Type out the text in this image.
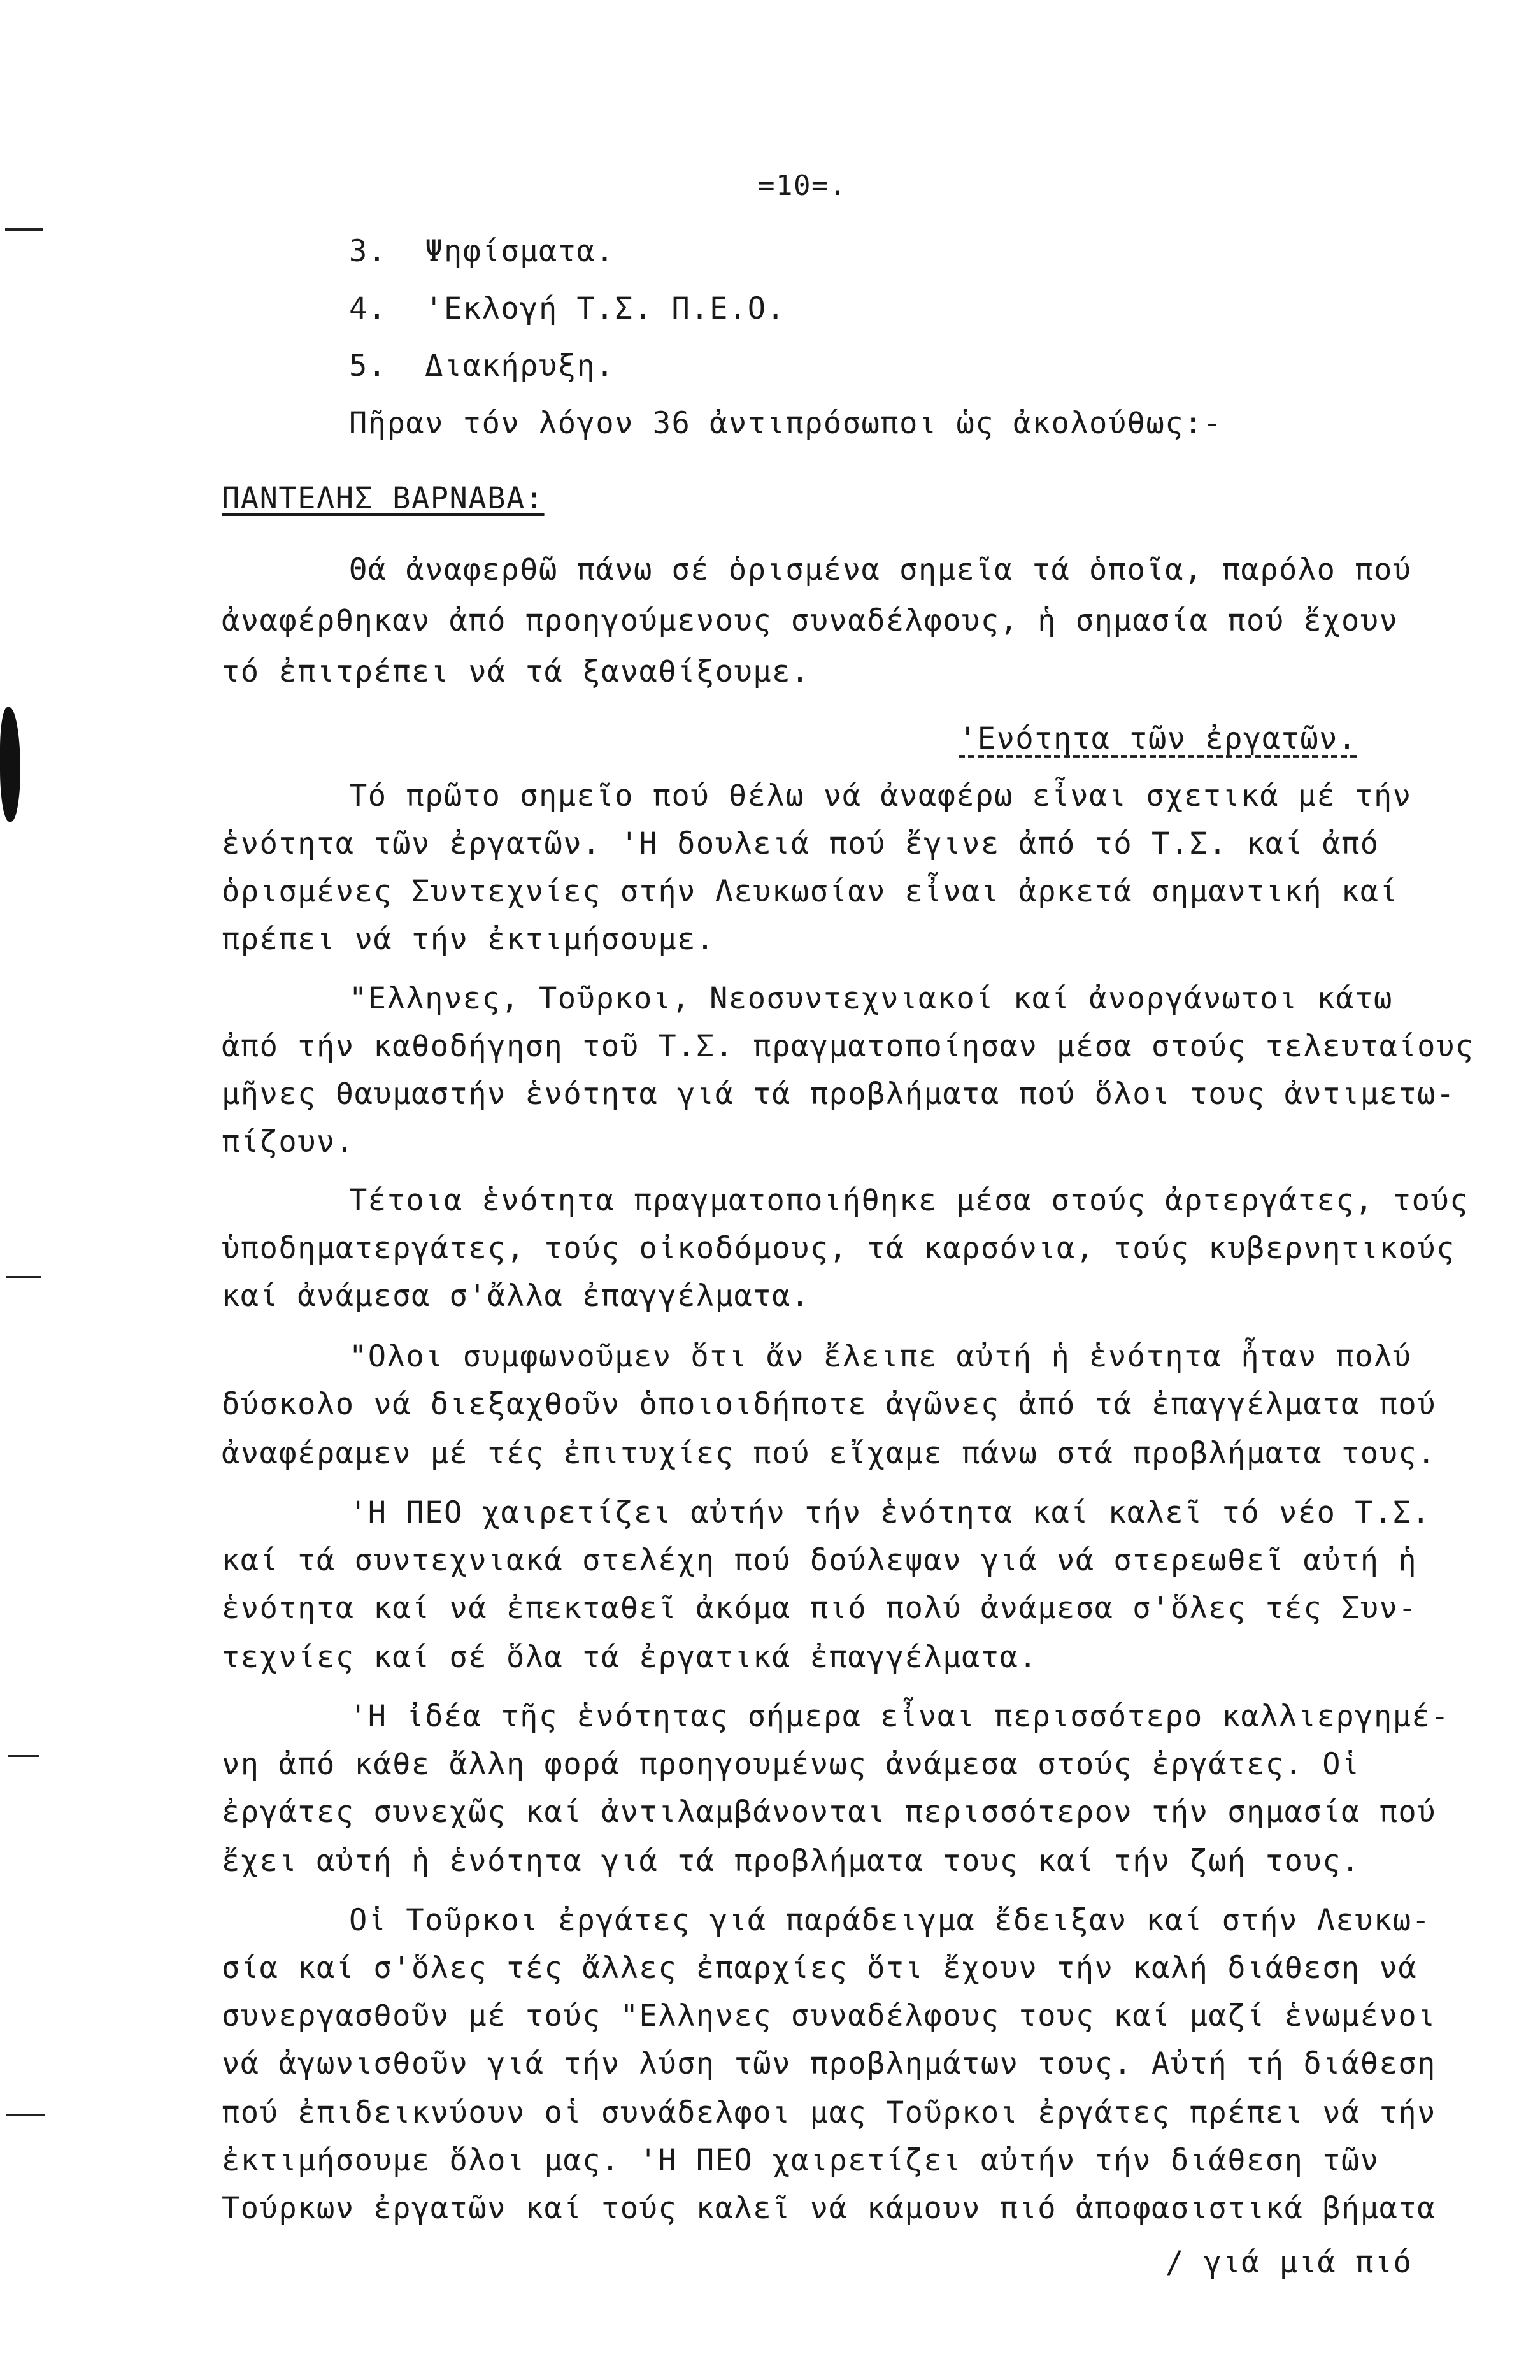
=10=.
3.  Ψηφίσματα.
4.  'Εκλογή Τ.Σ. Π.Ε.Ο.
5.  Διακήρυξη.
Πῆραν τόν λόγον 36 ἀντιπρόσωποι ὡς ἀκολούθως:-
ΠΑΝΤΕΛΗΣ ΒΑΡΝΑΒΑ:
Θά ἀναφερθῶ πάνω σέ ὁρισμένα σημεῖα τά ὁποῖα, παρόλο πού
ἀναφέρθηκαν ἀπό προηγούμενους συναδέλφους, ἡ σημασία πού ἔχουν
τό ἐπιτρέπει νά τά ξαναθίξουμε.
'Ενότητα τῶν ἐργατῶν.
Τό πρῶτο σημεῖο πού θέλω νά ἀναφέρω εἶναι σχετικά μέ τήν
ἑνότητα τῶν ἐργατῶν. 'Η δουλειά πού ἔγινε ἀπό τό Τ.Σ. καί ἀπό
ὁρισμένες Συντεχνίες στήν Λευκωσίαν εἶναι ἀρκετά σημαντική καί
πρέπει νά τήν ἐκτιμήσουμε.
"Ελληνες, Τοῦρκοι, Νεοσυντεχνιακοί καί ἀνοργάνωτοι κάτω
ἀπό τήν καθοδήγηση τοῦ Τ.Σ. πραγματοποίησαν μέσα στούς τελευταίους
μῆνες θαυμαστήν ἑνότητα γιά τά προβλήματα πού ὅλοι τους ἀντιμετω-
πίζουν.
Τέτοια ἑνότητα πραγματοποιήθηκε μέσα στούς ἀρτεργάτες, τούς
ὑποδηματεργάτες, τούς οἰκοδόμους, τά καρσόνια, τούς κυβερνητικούς
καί ἀνάμεσα σ'ἄλλα ἐπαγγέλματα.
"Ολοι συμφωνοῦμεν ὅτι ἄν ἔλειπε αὐτή ἡ ἑνότητα ἦταν πολύ
δύσκολο νά διεξαχθοῦν ὁποιοιδήποτε ἀγῶνες ἀπό τά ἐπαγγέλματα πού
ἀναφέραμεν μέ τές ἐπιτυχίες πού εἴχαμε πάνω στά προβλήματα τους.
'Η ΠΕΟ χαιρετίζει αὐτήν τήν ἑνότητα καί καλεῖ τό νέο Τ.Σ.
καί τά συντεχνιακά στελέχη πού δούλεψαν γιά νά στερεωθεῖ αὐτή ἡ
ἑνότητα καί νά ἐπεκταθεῖ ἀκόμα πιό πολύ ἀνάμεσα σ'ὅλες τές Συν-
τεχνίες καί σέ ὅλα τά ἐργατικά ἐπαγγέλματα.
'Η ἰδέα τῆς ἑνότητας σήμερα εἶναι περισσότερο καλλιεργημέ-
νη ἀπό κάθε ἄλλη φορά προηγουμένως ἀνάμεσα στούς ἐργάτες. Οἱ
ἐργάτες συνεχῶς καί ἀντιλαμβάνονται περισσότερον τήν σημασία πού
ἔχει αὐτή ἡ ἑνότητα γιά τά προβλήματα τους καί τήν ζωή τους.
Οἱ Τοῦρκοι ἐργάτες γιά παράδειγμα ἔδειξαν καί στήν Λευκω-
σία καί σ'ὅλες τές ἄλλες ἐπαρχίες ὅτι ἔχουν τήν καλή διάθεση νά
συνεργασθοῦν μέ τούς "Ελληνες συναδέλφους τους καί μαζί ἑνωμένοι
νά ἀγωνισθοῦν γιά τήν λύση τῶν προβλημάτων τους. Αὐτή τή διάθεση
πού ἐπιδεικνύουν οἱ συνάδελφοι μας Τοῦρκοι ἐργάτες πρέπει νά τήν
ἐκτιμήσουμε ὅλοι μας. 'Η ΠΕΟ χαιρετίζει αὐτήν τήν διάθεση τῶν
Τούρκων ἐργατῶν καί τούς καλεῖ νά κάμουν πιό ἀποφασιστικά βήματα
/ γιά μιά πιό
